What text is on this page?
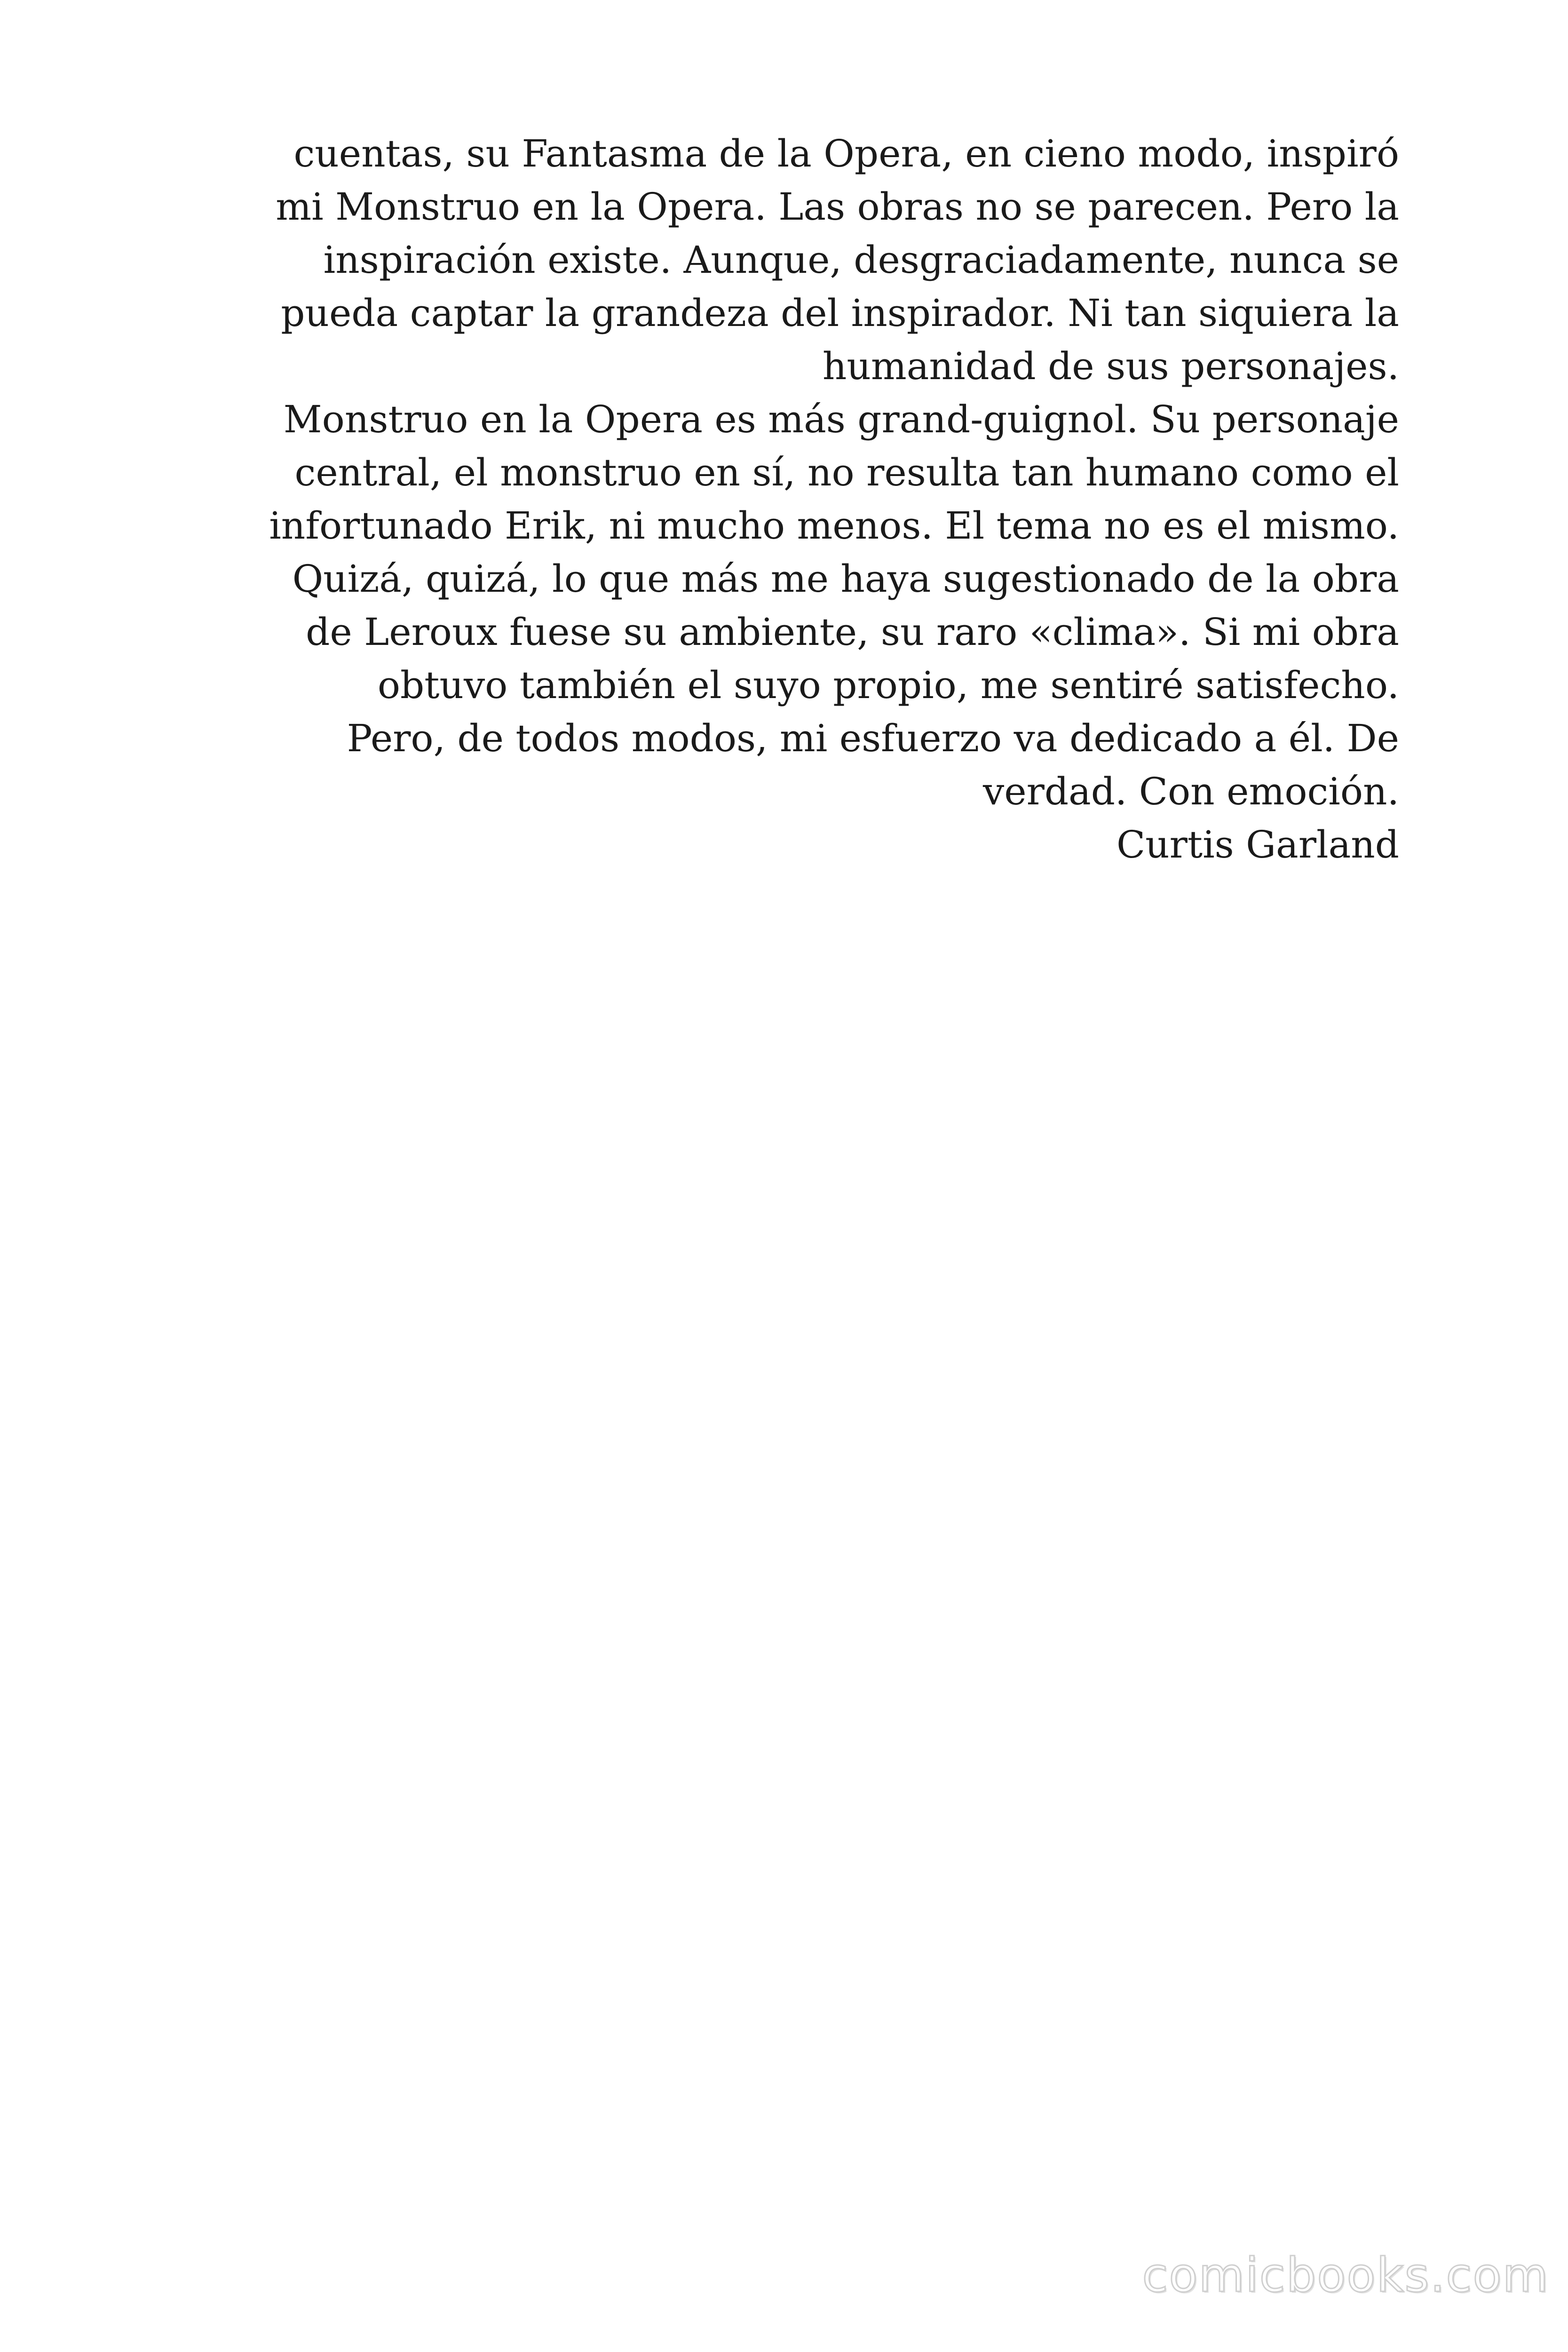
cuentas, su Fantasma de la Opera, en cieno modo, inspiró
mi Monstruo en la Opera. Las obras no se parecen. Pero la
inspiración existe. Aunque, desgraciadamente, nunca se
pueda captar la grandeza del inspirador. Ni tan siquiera la
humanidad de sus personajes.
Monstruo en la Opera es más grand-guignol. Su personaje
central, el monstruo en sí, no resulta tan humano como el
infortunado Erik, ni mucho menos. El tema no es el mismo.
Quizá, quizá, lo que más me haya sugestionado de la obra
de Leroux fuese su ambiente, su raro «clima». Si mi obra
obtuvo también el suyo propio, me sentiré satisfecho.
Pero, de todos modos, mi esfuerzo va dedicado a él. De
verdad. Con emoción.
Curtis Garland
comicbooks.com
